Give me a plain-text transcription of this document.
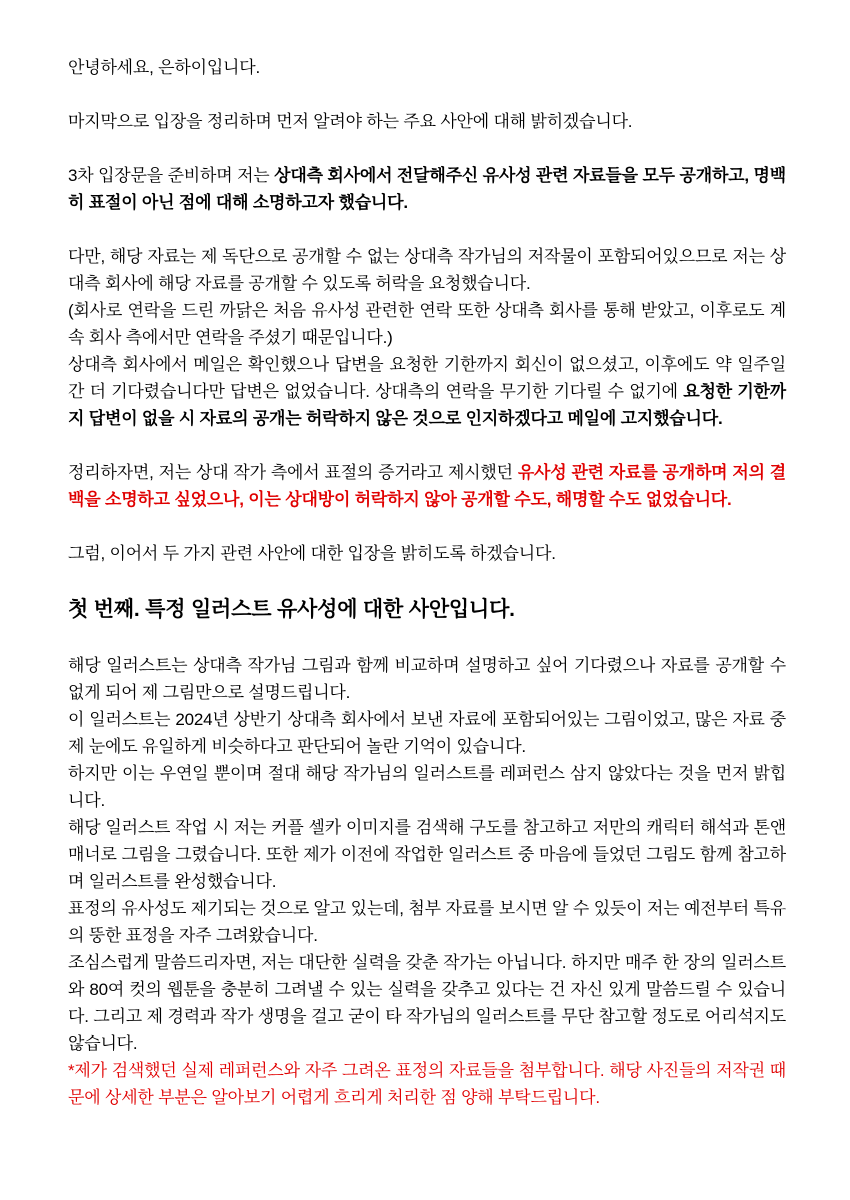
안녕하세요, 은하이입니다.
마지막으로 입장을 정리하며 먼저 알려야 하는 주요 사안에 대해 밝히겠습니다.
3차 입장문을 준비하며 저는 상대측 회사에서 전달해주신 유사성 관련 자료들을 모두 공개하고, 명백히 표절이 아닌 점에 대해 소명하고자 했습니다.
다만, 해당 자료는 제 독단으로 공개할 수 없는 상대측 작가님의 저작물이 포함되어있으므로 저는 상대측 회사에 해당 자료를 공개할 수 있도록 허락을 요청했습니다.
(회사로 연락을 드린 까닭은 처음 유사성 관련한 연락 또한 상대측 회사를 통해 받았고, 이후로도 계속 회사 측에서만 연락을 주셨기 때문입니다.)
상대측 회사에서 메일은 확인했으나 답변을 요청한 기한까지 회신이 없으셨고, 이후에도 약 일주일간 더 기다렸습니다만 답변은 없었습니다. 상대측의 연락을 무기한 기다릴 수 없기에 요청한 기한까지 답변이 없을 시 자료의 공개는 허락하지 않은 것으로 인지하겠다고 메일에 고지했습니다.
정리하자면, 저는 상대 작가 측에서 표절의 증거라고 제시했던 유사성 관련 자료를 공개하며 저의 결백을 소명하고 싶었으나, 이는 상대방이 허락하지 않아 공개할 수도, 해명할 수도 없었습니다.
그럼, 이어서 두 가지 관련 사안에 대한 입장을 밝히도록 하겠습니다.
첫 번째. 특정 일러스트 유사성에 대한 사안입니다.
해당 일러스트는 상대측 작가님 그림과 함께 비교하며 설명하고 싶어 기다렸으나 자료를 공개할 수 없게 되어 제 그림만으로 설명드립니다.
이 일러스트는 2024년 상반기 상대측 회사에서 보낸 자료에 포함되어있는 그림이었고, 많은 자료 중 제 눈에도 유일하게 비슷하다고 판단되어 놀란 기억이 있습니다.
하지만 이는 우연일 뿐이며 절대 해당 작가님의 일러스트를 레퍼런스 삼지 않았다는 것을 먼저 밝힙니다.
해당 일러스트 작업 시 저는 커플 셀카 이미지를 검색해 구도를 참고하고 저만의 캐릭터 해석과 톤앤 매너로 그림을 그렸습니다. 또한 제가 이전에 작업한 일러스트 중 마음에 들었던 그림도 함께 참고하며 일러스트를 완성했습니다.
표정의 유사성도 제기되는 것으로 알고 있는데, 첨부 자료를 보시면 알 수 있듯이 저는 예전부터 특유의 뚱한 표정을 자주 그려왔습니다.
조심스럽게 말씀드리자면, 저는 대단한 실력을 갖춘 작가는 아닙니다. 하지만 매주 한 장의 일러스트와 80여 컷의 웹툰을 충분히 그려낼 수 있는 실력을 갖추고 있다는 건 자신 있게 말씀드릴 수 있습니다. 그리고 제 경력과 작가 생명을 걸고 굳이 타 작가님의 일러스트를 무단 참고할 정도로 어리석지도 않습니다.
*제가 검색했던 실제 레퍼런스와 자주 그려온 표정의 자료들을 첨부합니다. 해당 사진들의 저작권 때문에 상세한 부분은 알아보기 어렵게 흐리게 처리한 점 양해 부탁드립니다.
